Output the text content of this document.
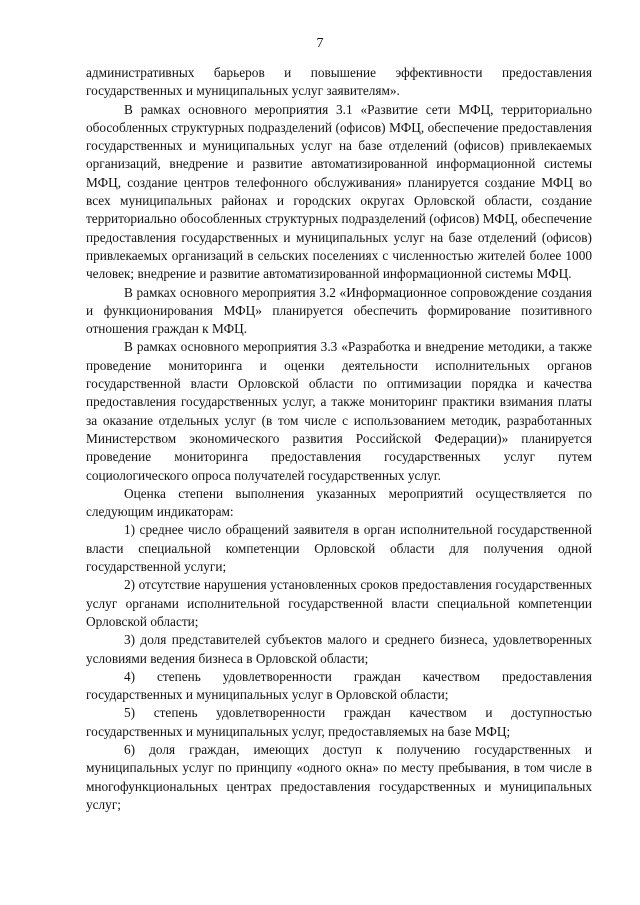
7

административных барьеров и повышение эффективности предоставления государственных и муниципальных услуг заявителям».

В рамках основного мероприятия 3.1 «Развитие сети МФЦ, территориально обособленных структурных подразделений (офисов) МФЦ, обеспечение предоставления государственных и муниципальных услуг на базе отделений (офисов) привлекаемых организаций, внедрение и развитие автоматизированной информационной системы МФЦ, создание центров телефонного обслуживания» планируется создание МФЦ во всех муниципальных районах и городских округах Орловской области, создание территориально обособленных структурных подразделений (офисов) МФЦ, обеспечение предоставления государственных и муниципальных услуг на базе отделений (офисов) привлекаемых организаций в сельских поселениях с численностью жителей более 1000 человек; внедрение и развитие автоматизированной информационной системы МФЦ.

В рамках основного мероприятия 3.2 «Информационное сопровождение создания и функционирования МФЦ» планируется обеспечить формирование позитивного отношения граждан к МФЦ.

В рамках основного мероприятия 3.3 «Разработка и внедрение методики, а также проведение мониторинга и оценки деятельности исполнительных органов государственной власти Орловской области по оптимизации порядка и качества предоставления государственных услуг, а также мониторинг практики взимания платы за оказание отдельных услуг (в том числе с использованием методик, разработанных Министерством экономического развития Российской Федерации)» планируется проведение мониторинга предоставления государственных услуг путем социологического опроса получателей государственных услуг.

Оценка степени выполнения указанных мероприятий осуществляется по следующим индикаторам:

1) среднее число обращений заявителя в орган исполнительной государственной власти специальной компетенции Орловской области для получения одной государственной услуги;

2) отсутствие нарушения установленных сроков предоставления государственных услуг органами исполнительной государственной власти специальной компетенции Орловской области;

3) доля представителей субъектов малого и среднего бизнеса, удовлетворенных условиями ведения бизнеса в Орловской области;

4) степень удовлетворенности граждан качеством предоставления государственных и муниципальных услуг в Орловской области;

5) степень удовлетворенности граждан качеством и доступностью государственных и муниципальных услуг, предоставляемых на базе МФЦ;

6) доля граждан, имеющих доступ к получению государственных и муниципальных услуг по принципу «одного окна» по месту пребывания, в том числе в многофункциональных центрах предоставления государственных и муниципальных услуг;
